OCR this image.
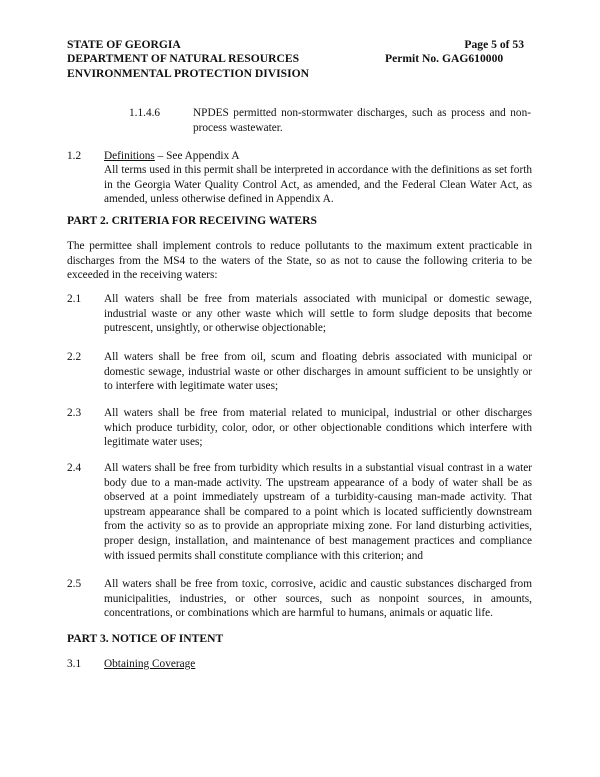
STATE OF GEORGIA
DEPARTMENT OF NATURAL RESOURCES
ENVIRONMENTAL PROTECTION DIVISION
Page 5 of 53
Permit No. GAG610000
1.1.4.6	NPDES permitted non-stormwater discharges, such as process and non-process wastewater.
1.2 Definitions – See Appendix A
All terms used in this permit shall be interpreted in accordance with the definitions as set forth in the Georgia Water Quality Control Act, as amended, and the Federal Clean Water Act, as amended, unless otherwise defined in Appendix A.
PART 2. CRITERIA FOR RECEIVING WATERS
The permittee shall implement controls to reduce pollutants to the maximum extent practicable in discharges from the MS4 to the waters of the State, so as not to cause the following criteria to be exceeded in the receiving waters:
2.1 All waters shall be free from materials associated with municipal or domestic sewage, industrial waste or any other waste which will settle to form sludge deposits that become putrescent, unsightly, or otherwise objectionable;
2.2 All waters shall be free from oil, scum and floating debris associated with municipal or domestic sewage, industrial waste or other discharges in amount sufficient to be unsightly or to interfere with legitimate water uses;
2.3 All waters shall be free from material related to municipal, industrial or other discharges which produce turbidity, color, odor, or other objectionable conditions which interfere with legitimate water uses;
2.4 All waters shall be free from turbidity which results in a substantial visual contrast in a water body due to a man-made activity. The upstream appearance of a body of water shall be as observed at a point immediately upstream of a turbidity-causing man-made activity. That upstream appearance shall be compared to a point which is located sufficiently downstream from the activity so as to provide an appropriate mixing zone. For land disturbing activities, proper design, installation, and maintenance of best management practices and compliance with issued permits shall constitute compliance with this criterion; and
2.5 All waters shall be free from toxic, corrosive, acidic and caustic substances discharged from municipalities, industries, or other sources, such as nonpoint sources, in amounts, concentrations, or combinations which are harmful to humans, animals or aquatic life.
PART 3. NOTICE OF INTENT
3.1 Obtaining Coverage
